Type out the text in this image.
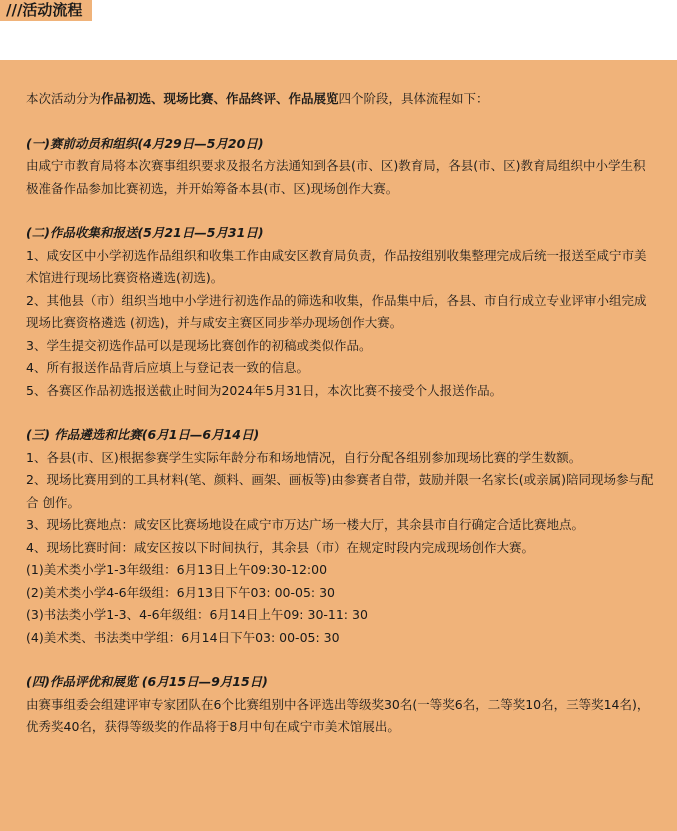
///活动流程

本次活动分为作品初选、现场比赛、作品终评、作品展览四个阶段，具体流程如下：

(一)赛前动员和组织(4月29日—5月20日)

由咸宁市教育局将本次赛事组织要求及报名方法通知到各县(市、区)教育局，各县(市、区)教育局组织中小学生积极准备作品参加比赛初选，并开始筹备本县(市、区)现场创作大赛。

(二)作品收集和报送(5月21日—5月31日)

1、咸安区中小学初选作品组织和收集工作由咸安区教育局负责，作品按组别收集整理完成后统一报送至咸宁市美术馆进行现场比赛资格遴选(初选)。

2、其他县（市）组织当地中小学进行初选作品的筛选和收集，作品集中后，各县、市自行成立专业评审小组完成现场比赛资格遴选 (初选)，并与咸安主赛区同步举办现场创作大赛。

3、学生提交初选作品可以是现场比赛创作的初稿或类似作品。

4、所有报送作品背后应填上与登记表一致的信息。

5、各赛区作品初选报送截止时间为2024年5月31日，本次比赛不接受个人报送作品。

(三) 作品遴选和比赛(6月1日—6月14日)

1、各县(市、区)根据参赛学生实际年龄分布和场地情况，自行分配各组别参加现场比赛的学生数额。

2、现场比赛用到的工具材料(笔、颜料、画架、画板等)由参赛者自带，鼓励并限一名家长(或亲属)陪同现场参与配合 创作。

3、现场比赛地点：咸安区比赛场地设在咸宁市万达广场一楼大厅，其余县市自行确定合适比赛地点。

4、现场比赛时间：咸安区按以下时间执行，其余县（市）在规定时段内完成现场创作大赛。

(1)美术类小学1-3年级组：6月13日上午09:30-12:00

(2)美术类小学4-6年级组：6月13日下午03: 00-05: 30

(3)书法类小学1-3、4-6年级组：6月14日上午09: 30-11: 30

(4)美术类、书法类中学组：6月14日下午03: 00-05: 30

(四)作品评优和展览 (6月15日—9月15日)

由赛事组委会组建评审专家团队在6个比赛组别中各评选出等级奖30名(一等奖6名，二等奖10名，三等奖14名)，优秀奖40名，获得等级奖的作品将于8月中旬在咸宁市美术馆展出。
